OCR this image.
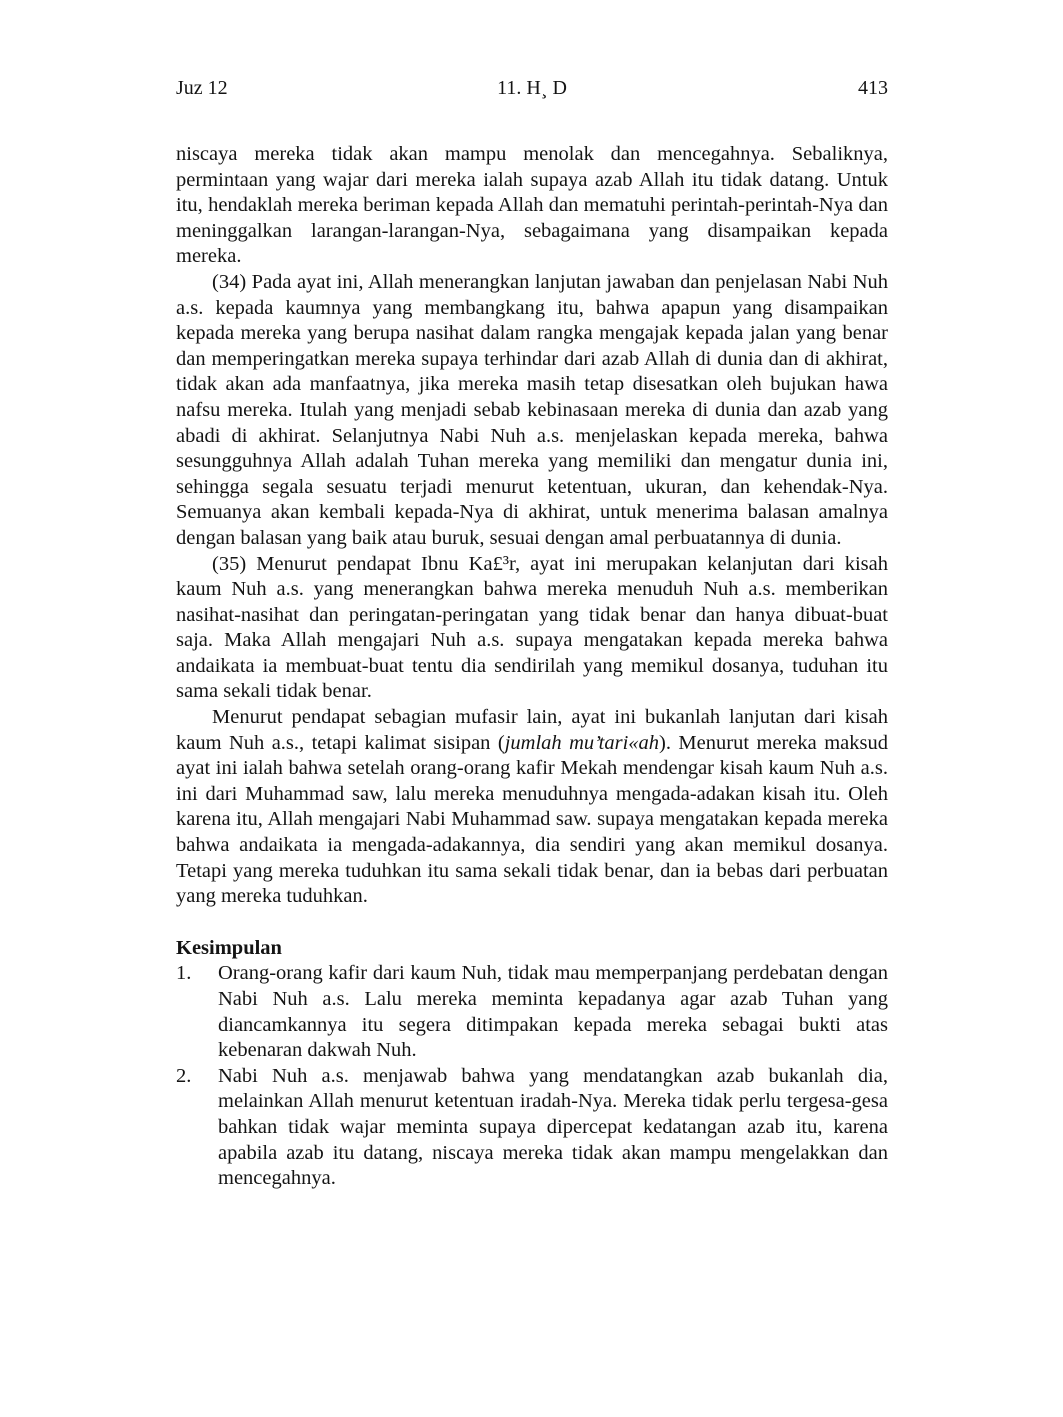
Juz 12	11. H¸ D	413

niscaya mereka tidak akan mampu menolak dan mencegahnya. Sebaliknya, permintaan yang wajar dari mereka ialah supaya azab Allah itu tidak datang. Untuk itu, hendaklah mereka beriman kepada Allah dan mematuhi perintah-perintah-Nya dan meninggalkan larangan-larangan-Nya, sebagaimana yang disampaikan kepada mereka.

(34) Pada ayat ini, Allah menerangkan lanjutan jawaban dan penjelasan Nabi Nuh a.s. kepada kaumnya yang membangkang itu, bahwa apapun yang disampaikan kepada mereka yang berupa nasihat dalam rangka mengajak kepada jalan yang benar dan memperingatkan mereka supaya terhindar dari azab Allah di dunia dan di akhirat, tidak akan ada manfaatnya, jika mereka masih tetap disesatkan oleh bujukan hawa nafsu mereka. Itulah yang menjadi sebab kebinasaan mereka di dunia dan azab yang abadi di akhirat. Selanjutnya Nabi Nuh a.s. menjelaskan kepada mereka, bahwa sesungguhnya Allah adalah Tuhan mereka yang memiliki dan mengatur dunia ini, sehingga segala sesuatu terjadi menurut ketentuan, ukuran, dan kehendak-Nya. Semuanya akan kembali kepada-Nya di akhirat, untuk menerima balasan amalnya dengan balasan yang baik atau buruk, sesuai dengan amal perbuatannya di dunia.

(35) Menurut pendapat Ibnu Ka£³r, ayat ini merupakan kelanjutan dari kisah kaum Nuh a.s. yang menerangkan bahwa mereka menuduh Nuh a.s. memberikan nasihat-nasihat dan peringatan-peringatan yang tidak benar dan hanya dibuat-buat saja. Maka Allah mengajari Nuh a.s. supaya mengatakan kepada mereka bahwa andaikata ia membuat-buat tentu dia sendirilah yang memikul dosanya, tuduhan itu sama sekali tidak benar.

Menurut pendapat sebagian mufasir lain, ayat ini bukanlah lanjutan dari kisah kaum Nuh a.s., tetapi kalimat sisipan (jumlah mu’tari«ah). Menurut mereka maksud ayat ini ialah bahwa setelah orang-orang kafir Mekah mendengar kisah kaum Nuh a.s. ini dari Muhammad saw, lalu mereka menuduhnya mengada-adakan kisah itu. Oleh karena itu, Allah mengajari Nabi Muhammad saw. supaya mengatakan kepada mereka bahwa andaikata ia mengada-adakannya, dia sendiri yang akan memikul dosanya. Tetapi yang mereka tuduhkan itu sama sekali tidak benar, dan ia bebas dari perbuatan yang mereka tuduhkan.

Kesimpulan
1.	Orang-orang kafir dari kaum Nuh, tidak mau memperpanjang perdebatan dengan Nabi Nuh a.s. Lalu mereka meminta kepadanya agar azab Tuhan yang diancamkannya itu segera ditimpakan kepada mereka sebagai bukti atas kebenaran dakwah Nuh.
2.	Nabi Nuh a.s. menjawab bahwa yang mendatangkan azab bukanlah dia, melainkan Allah menurut ketentuan iradah-Nya. Mereka tidak perlu tergesa-gesa bahkan tidak wajar meminta supaya dipercepat kedatangan azab itu, karena apabila azab itu datang, niscaya mereka tidak akan mampu mengelakkan dan mencegahnya.
